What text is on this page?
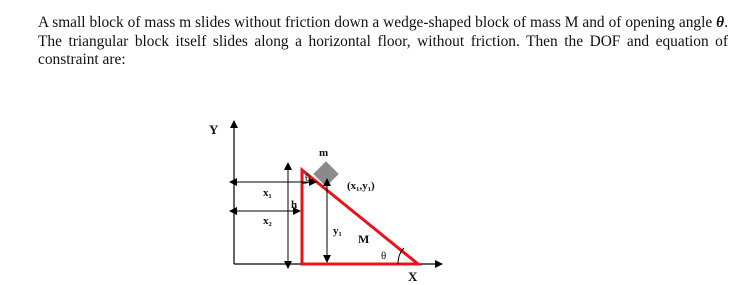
A small block of mass m slides without friction down a wedge-shaped block of mass M and of opening angle θ. The triangular block itself slides along a horizontal floor, without friction. Then the DOF and equation of constraint are:

Y
X
m
(x₁,y₁)
x₁
x₂
h
y₁
M
θ
θ
